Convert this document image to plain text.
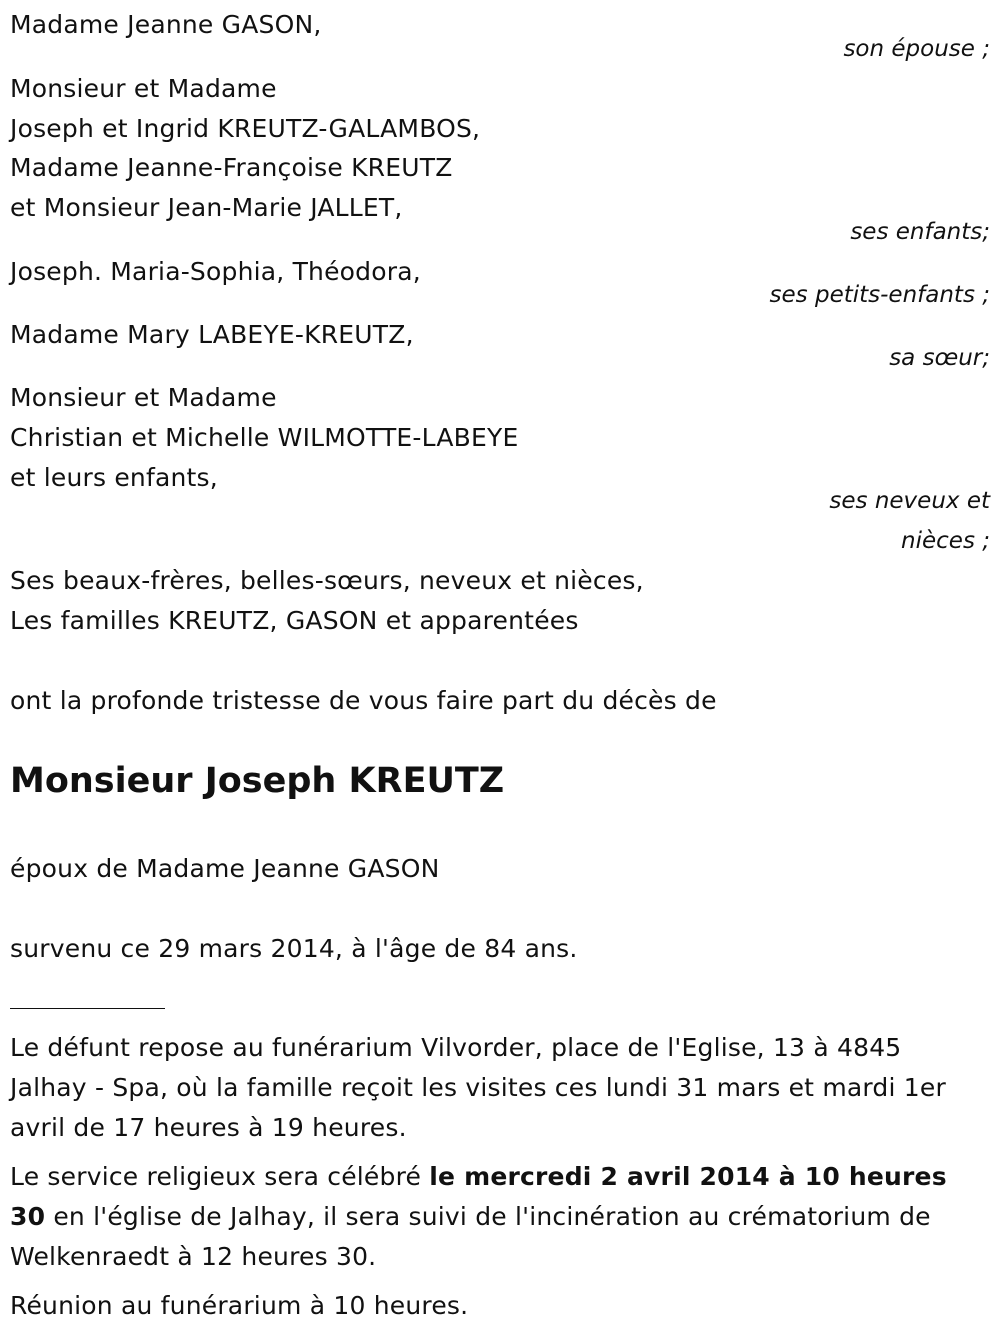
Madame Jeanne GASON,
son épouse ;
Monsieur et Madame
Joseph et Ingrid KREUTZ-GALAMBOS,
Madame Jeanne-Françoise KREUTZ
et Monsieur Jean-Marie JALLET,
ses enfants;
Joseph. Maria-Sophia, Théodora,
ses petits-enfants ;
Madame Mary LABEYE-KREUTZ,
sa sœur;
Monsieur et Madame
Christian et Michelle WILMOTTE-LABEYE
et leurs enfants,
ses neveux et
nièces ;
Ses beaux-frères, belles-sœurs, neveux et nièces,
Les familles KREUTZ, GASON et apparentées
ont la profonde tristesse de vous faire part du décès de
Monsieur Joseph KREUTZ
époux de Madame Jeanne GASON
survenu ce 29 mars 2014, à l'âge de 84 ans.
Le défunt repose au funérarium Vilvorder, place de l'Eglise, 13 à 4845 Jalhay - Spa, où la famille reçoit les visites ces lundi 31 mars et mardi 1er avril de 17 heures à 19 heures.
Le service religieux sera célébré le mercredi 2 avril 2014 à 10 heures 30 en l'église de Jalhay, il sera suivi de l'incinération au crématorium de Welkenraedt à 12 heures 30.
Réunion au funérarium à 10 heures.
